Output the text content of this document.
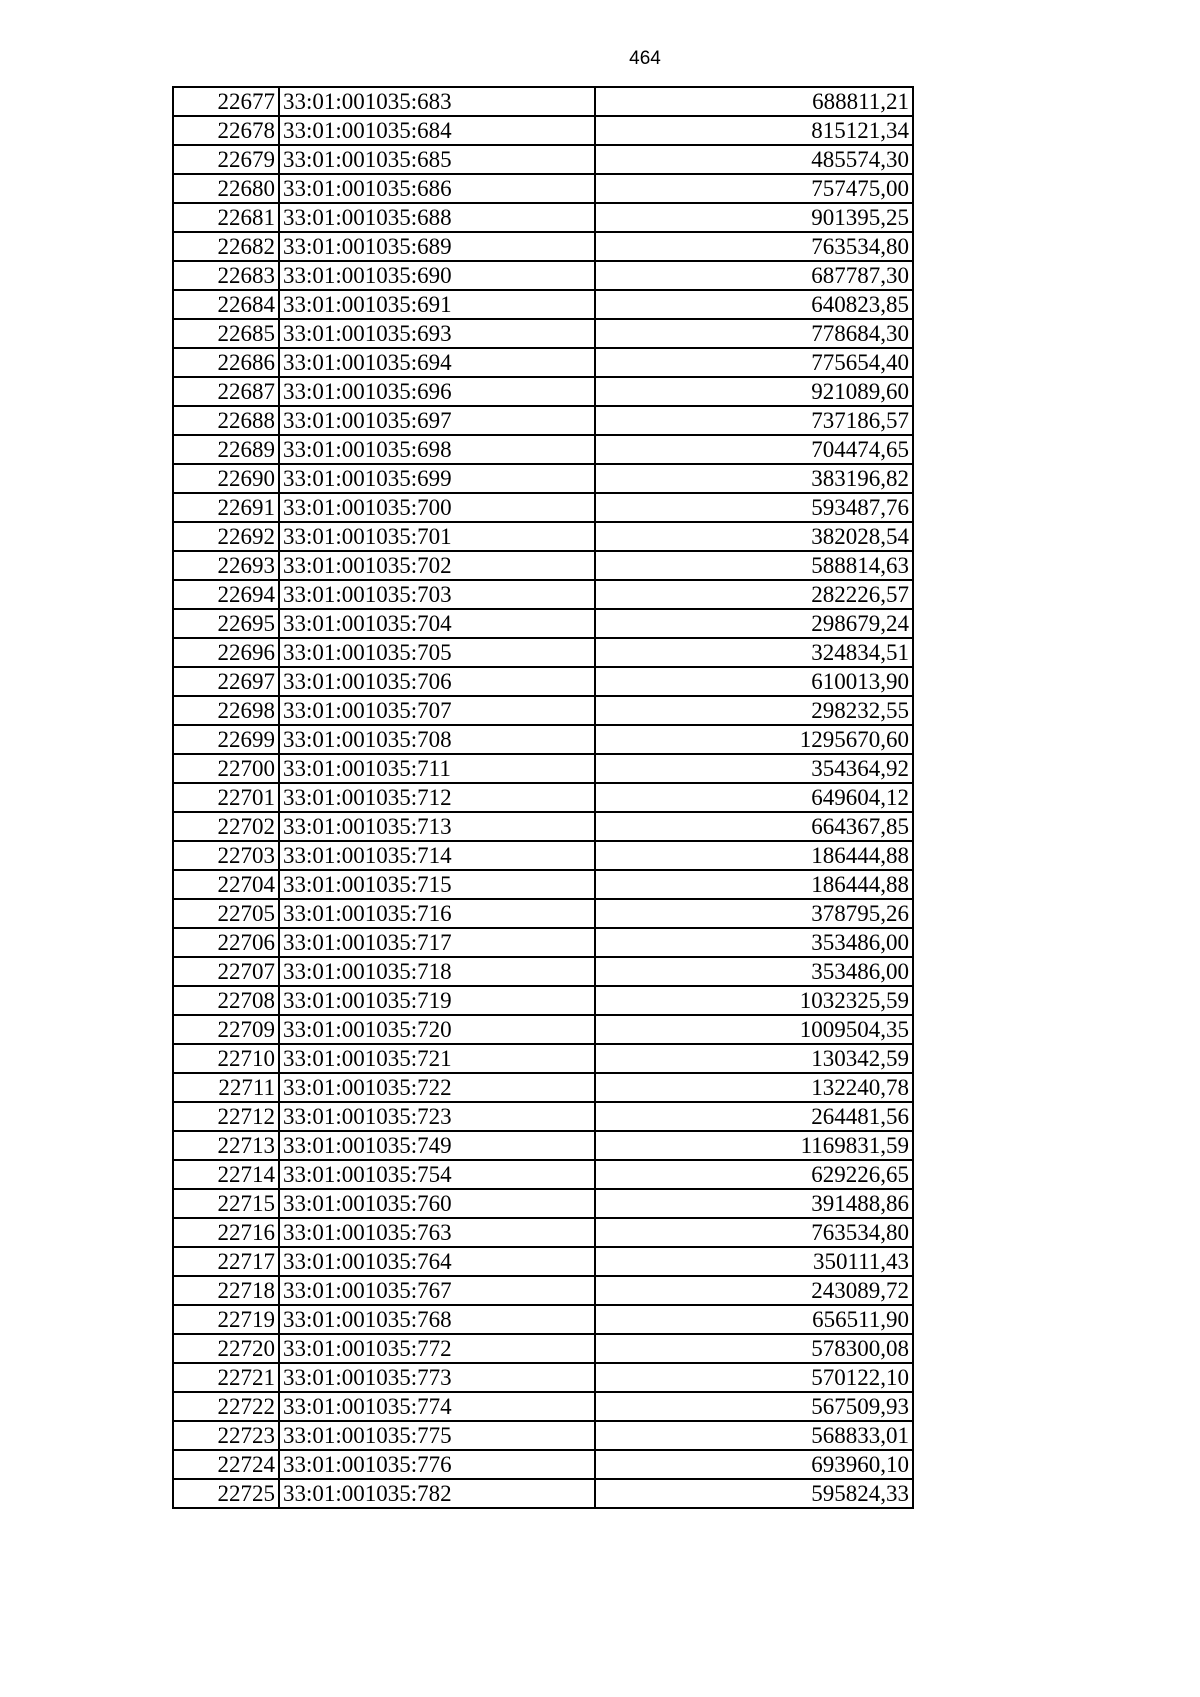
464
22677	33:01:001035:683	688811,21
22678	33:01:001035:684	815121,34
22679	33:01:001035:685	485574,30
22680	33:01:001035:686	757475,00
22681	33:01:001035:688	901395,25
22682	33:01:001035:689	763534,80
22683	33:01:001035:690	687787,30
22684	33:01:001035:691	640823,85
22685	33:01:001035:693	778684,30
22686	33:01:001035:694	775654,40
22687	33:01:001035:696	921089,60
22688	33:01:001035:697	737186,57
22689	33:01:001035:698	704474,65
22690	33:01:001035:699	383196,82
22691	33:01:001035:700	593487,76
22692	33:01:001035:701	382028,54
22693	33:01:001035:702	588814,63
22694	33:01:001035:703	282226,57
22695	33:01:001035:704	298679,24
22696	33:01:001035:705	324834,51
22697	33:01:001035:706	610013,90
22698	33:01:001035:707	298232,55
22699	33:01:001035:708	1295670,60
22700	33:01:001035:711	354364,92
22701	33:01:001035:712	649604,12
22702	33:01:001035:713	664367,85
22703	33:01:001035:714	186444,88
22704	33:01:001035:715	186444,88
22705	33:01:001035:716	378795,26
22706	33:01:001035:717	353486,00
22707	33:01:001035:718	353486,00
22708	33:01:001035:719	1032325,59
22709	33:01:001035:720	1009504,35
22710	33:01:001035:721	130342,59
22711	33:01:001035:722	132240,78
22712	33:01:001035:723	264481,56
22713	33:01:001035:749	1169831,59
22714	33:01:001035:754	629226,65
22715	33:01:001035:760	391488,86
22716	33:01:001035:763	763534,80
22717	33:01:001035:764	350111,43
22718	33:01:001035:767	243089,72
22719	33:01:001035:768	656511,90
22720	33:01:001035:772	578300,08
22721	33:01:001035:773	570122,10
22722	33:01:001035:774	567509,93
22723	33:01:001035:775	568833,01
22724	33:01:001035:776	693960,10
22725	33:01:001035:782	595824,33
